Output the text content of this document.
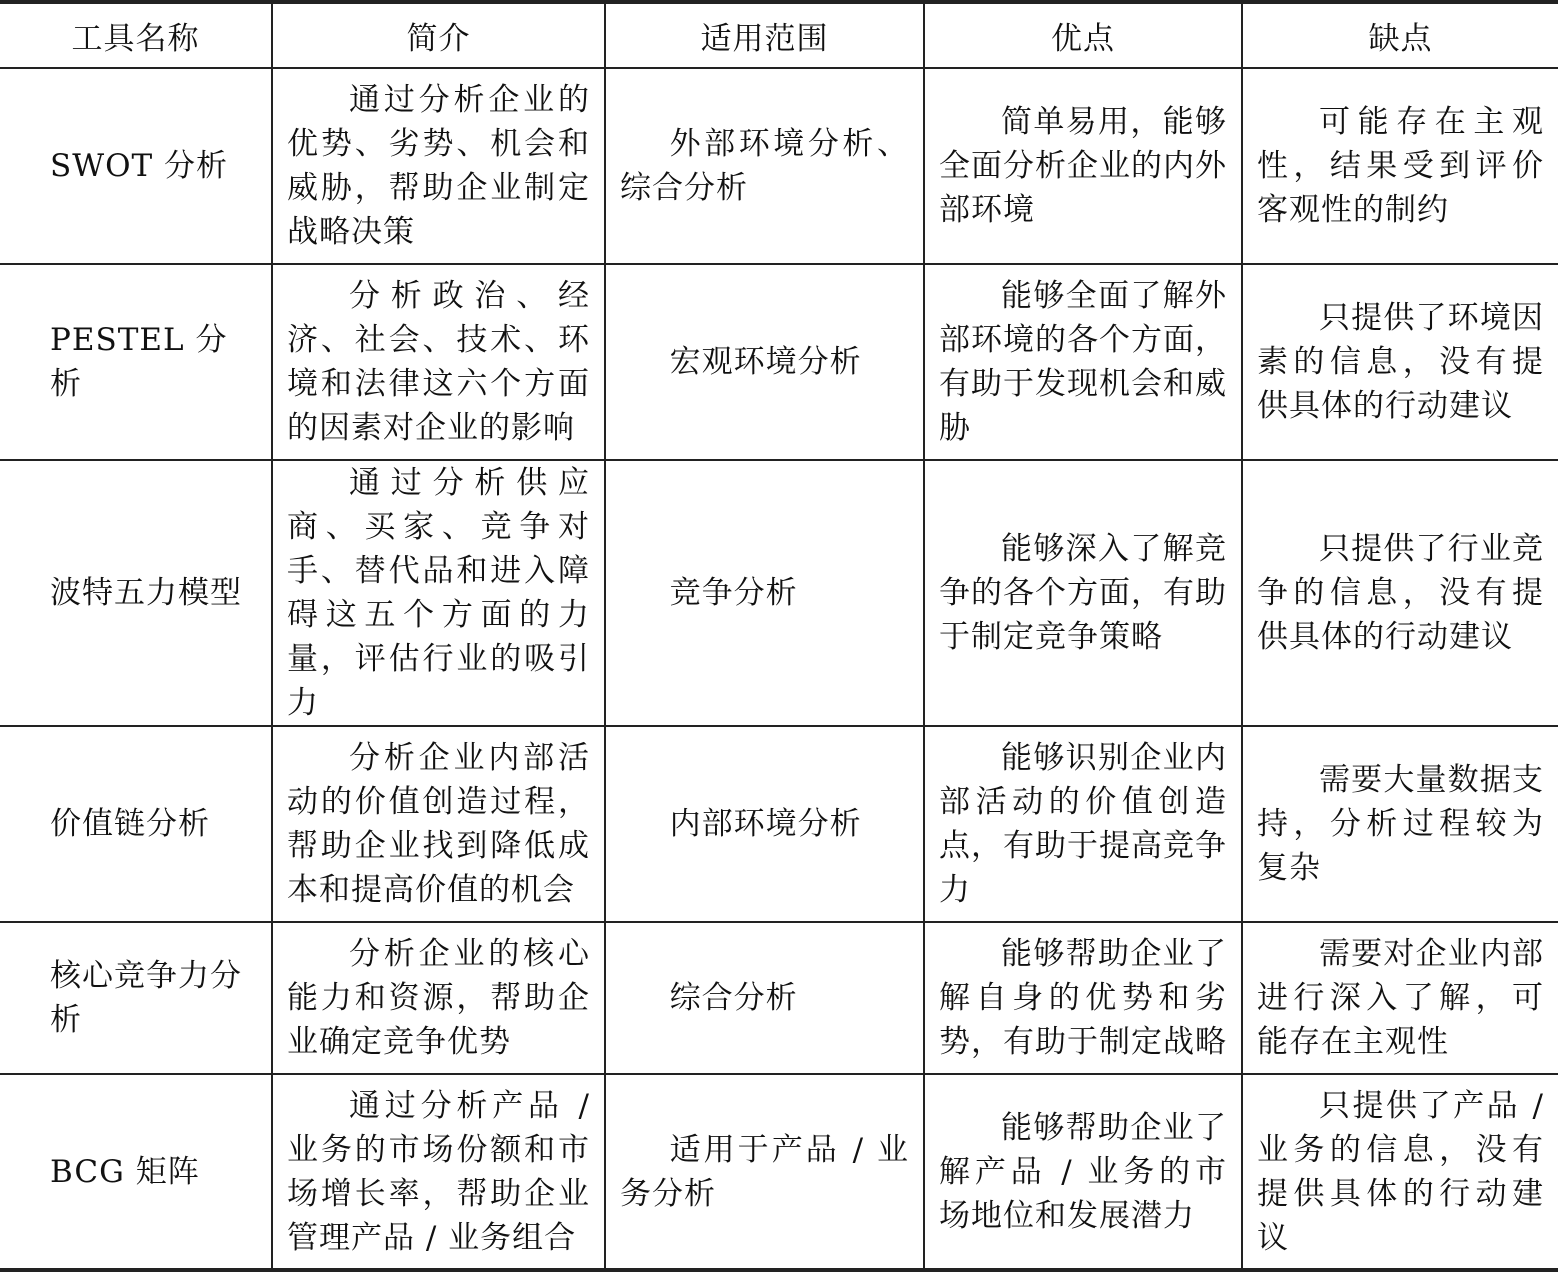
工具名称	简介	适用范围	优点	缺点
SWOT 分析	通过分析企业的优势、劣势、机会和威胁，帮助企业制定战略决策	外部环境分析、综合分析	简单易用，能够全面分析企业的内外部环境	可能存在主观性，结果受到评价客观性的制约

PESTEL 分析	分析政治、经济、社会、技术、环境和法律这六个方面的因素对企业的影响	宏观环境分析	能够全面了解外部环境的各个方面，有助于发现机会和威胁	只提供了环境因素的信息，没有提供具体的行动建议

波特五力模型	通过分析供应商、买家、竞争对手、替代品和进入障碍这五个方面的力量，评估行业的吸引力	竞争分析	能够深入了解竞争的各个方面，有助于制定竞争策略	只提供了行业竞争的信息，没有提供具体的行动建议

价值链分析	分析企业内部活动的价值创造过程，帮助企业找到降低成本和提高价值的机会	内部环境分析	能够识别企业内部活动的价值创造点，有助于提高竞争力	需要大量数据支持，分析过程较为复杂

核心竞争力分析	分析企业的核心能力和资源，帮助企业确定竞争优势	综合分析	能够帮助企业了解自身的优势和劣势，有助于制定战略	需要对企业内部进行深入了解，可能存在主观性

BCG 矩阵	通过分析产品 / 业务的市场份额和市场增长率，帮助企业管理产品 / 业务组合	适用于产品 / 业务分析	能够帮助企业了解产品 / 业务的市场地位和发展潜力	只提供了产品 / 业务的信息，没有提供具体的行动建议
